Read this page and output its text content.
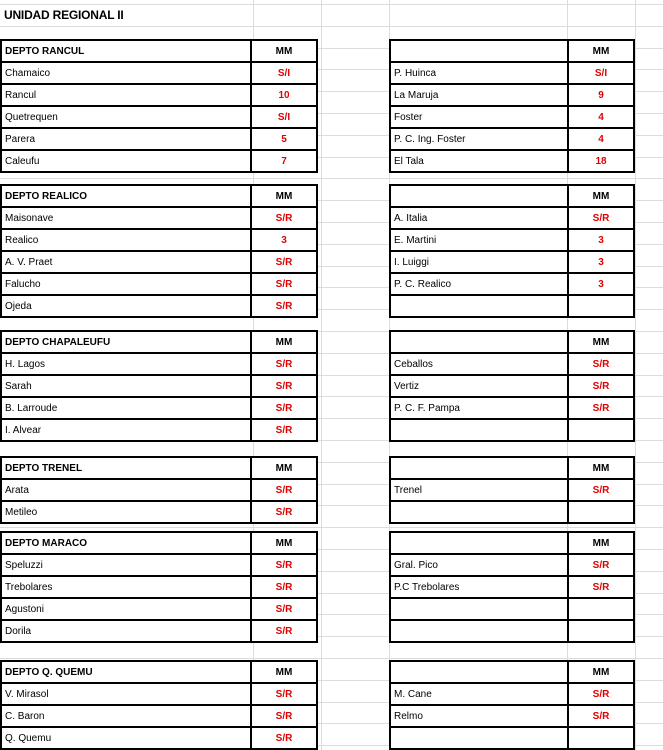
UNIDAD REGIONAL II
DEPTO RANCUL	MM
Chamaico	S/I
Rancul	10
Quetrequen	S/I
Parera	5
Caleufu	7
	MM
P. Huinca	S/I
La Maruja	9
Foster	4
P. C. Ing. Foster	4
El Tala	18
DEPTO REALICO	MM
Maisonave	S/R
Realico	3
A. V. Praet	S/R
Falucho	S/R
Ojeda	S/R
	MM
A. Italia	S/R
E. Martini	3
I. Luiggi	3
P. C. Realico	3

DEPTO CHAPALEUFU	MM
H. Lagos	S/R
Sarah	S/R
B. Larroude	S/R
I. Alvear	S/R
	MM
Ceballos	S/R
Vertiz	S/R
P. C. F. Pampa	S/R

DEPTO TRENEL	MM
Arata	S/R
Metileo	S/R
	MM
Trenel	S/R

DEPTO MARACO	MM
Speluzzi	S/R
Trebolares	S/R
Agustoni	S/R
Dorila	S/R
	MM
Gral. Pico	S/R
P.C Trebolares	S/R

DEPTO Q. QUEMU	MM
V. Mirasol	S/R
C. Baron	S/R
Q. Quemu	S/R
	MM
M. Cane	S/R
Relmo	S/R
